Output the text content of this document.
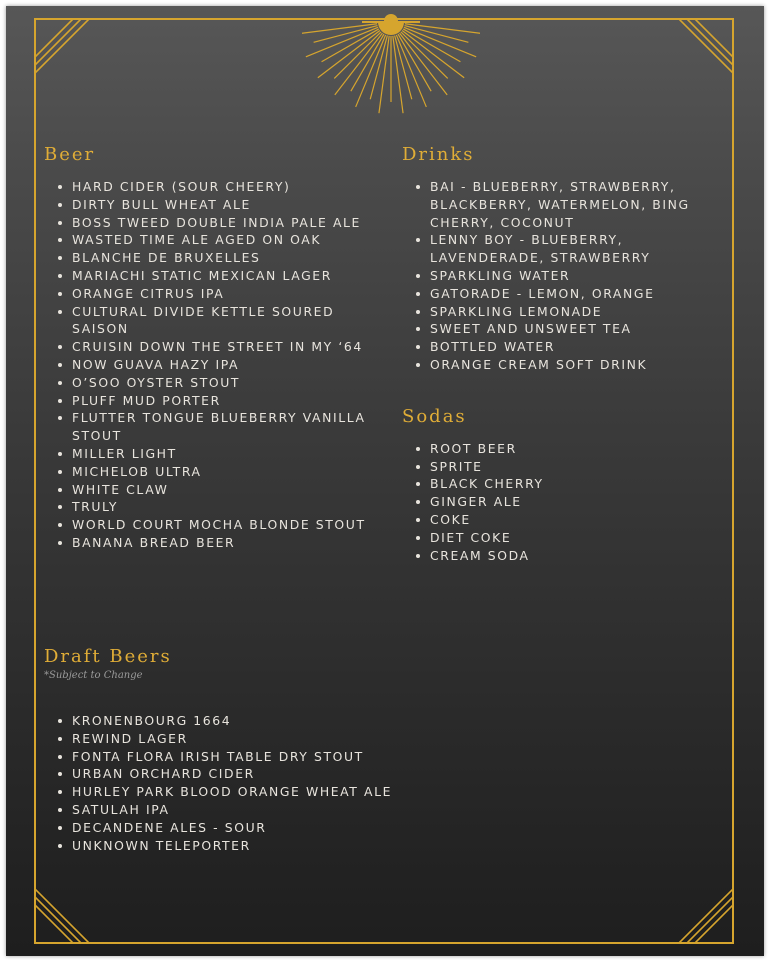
Beer
HARD CIDER (SOUR CHEERY)
DIRTY BULL WHEAT ALE
BOSS TWEED DOUBLE INDIA PALE ALE
WASTED TIME ALE AGED ON OAK
BLANCHE DE BRUXELLES
MARIACHI STATIC MEXICAN LAGER
ORANGE CITRUS IPA
CULTURAL DIVIDE KETTLE SOURED SAISON
CRUISIN DOWN THE STREET IN MY ‘64
NOW GUAVA HAZY IPA
O’SOO OYSTER STOUT
PLUFF MUD PORTER
FLUTTER TONGUE BLUEBERRY VANILLA STOUT
MILLER LIGHT
MICHELOB ULTRA
WHITE CLAW
TRULY
WORLD COURT MOCHA BLONDE STOUT
BANANA BREAD BEER
Draft Beers
*Subject to Change
KRONENBOURG 1664
REWIND LAGER
FONTA FLORA IRISH TABLE DRY STOUT
URBAN ORCHARD CIDER
HURLEY PARK BLOOD ORANGE WHEAT ALE
SATULAH IPA
DECANDENE ALES - SOUR
UNKNOWN TELEPORTER
Drinks
BAI - BLUEBERRY, STRAWBERRY, BLACKBERRY, WATERMELON, BING CHERRY, COCONUT
LENNY BOY - BLUEBERRY, LAVENDERADE, STRAWBERRY
SPARKLING WATER
GATORADE - LEMON, ORANGE
SPARKLING LEMONADE
SWEET AND UNSWEET TEA
BOTTLED WATER
ORANGE CREAM SOFT DRINK
Sodas
ROOT BEER
SPRITE
BLACK CHERRY
GINGER ALE
COKE
DIET COKE
CREAM SODA
